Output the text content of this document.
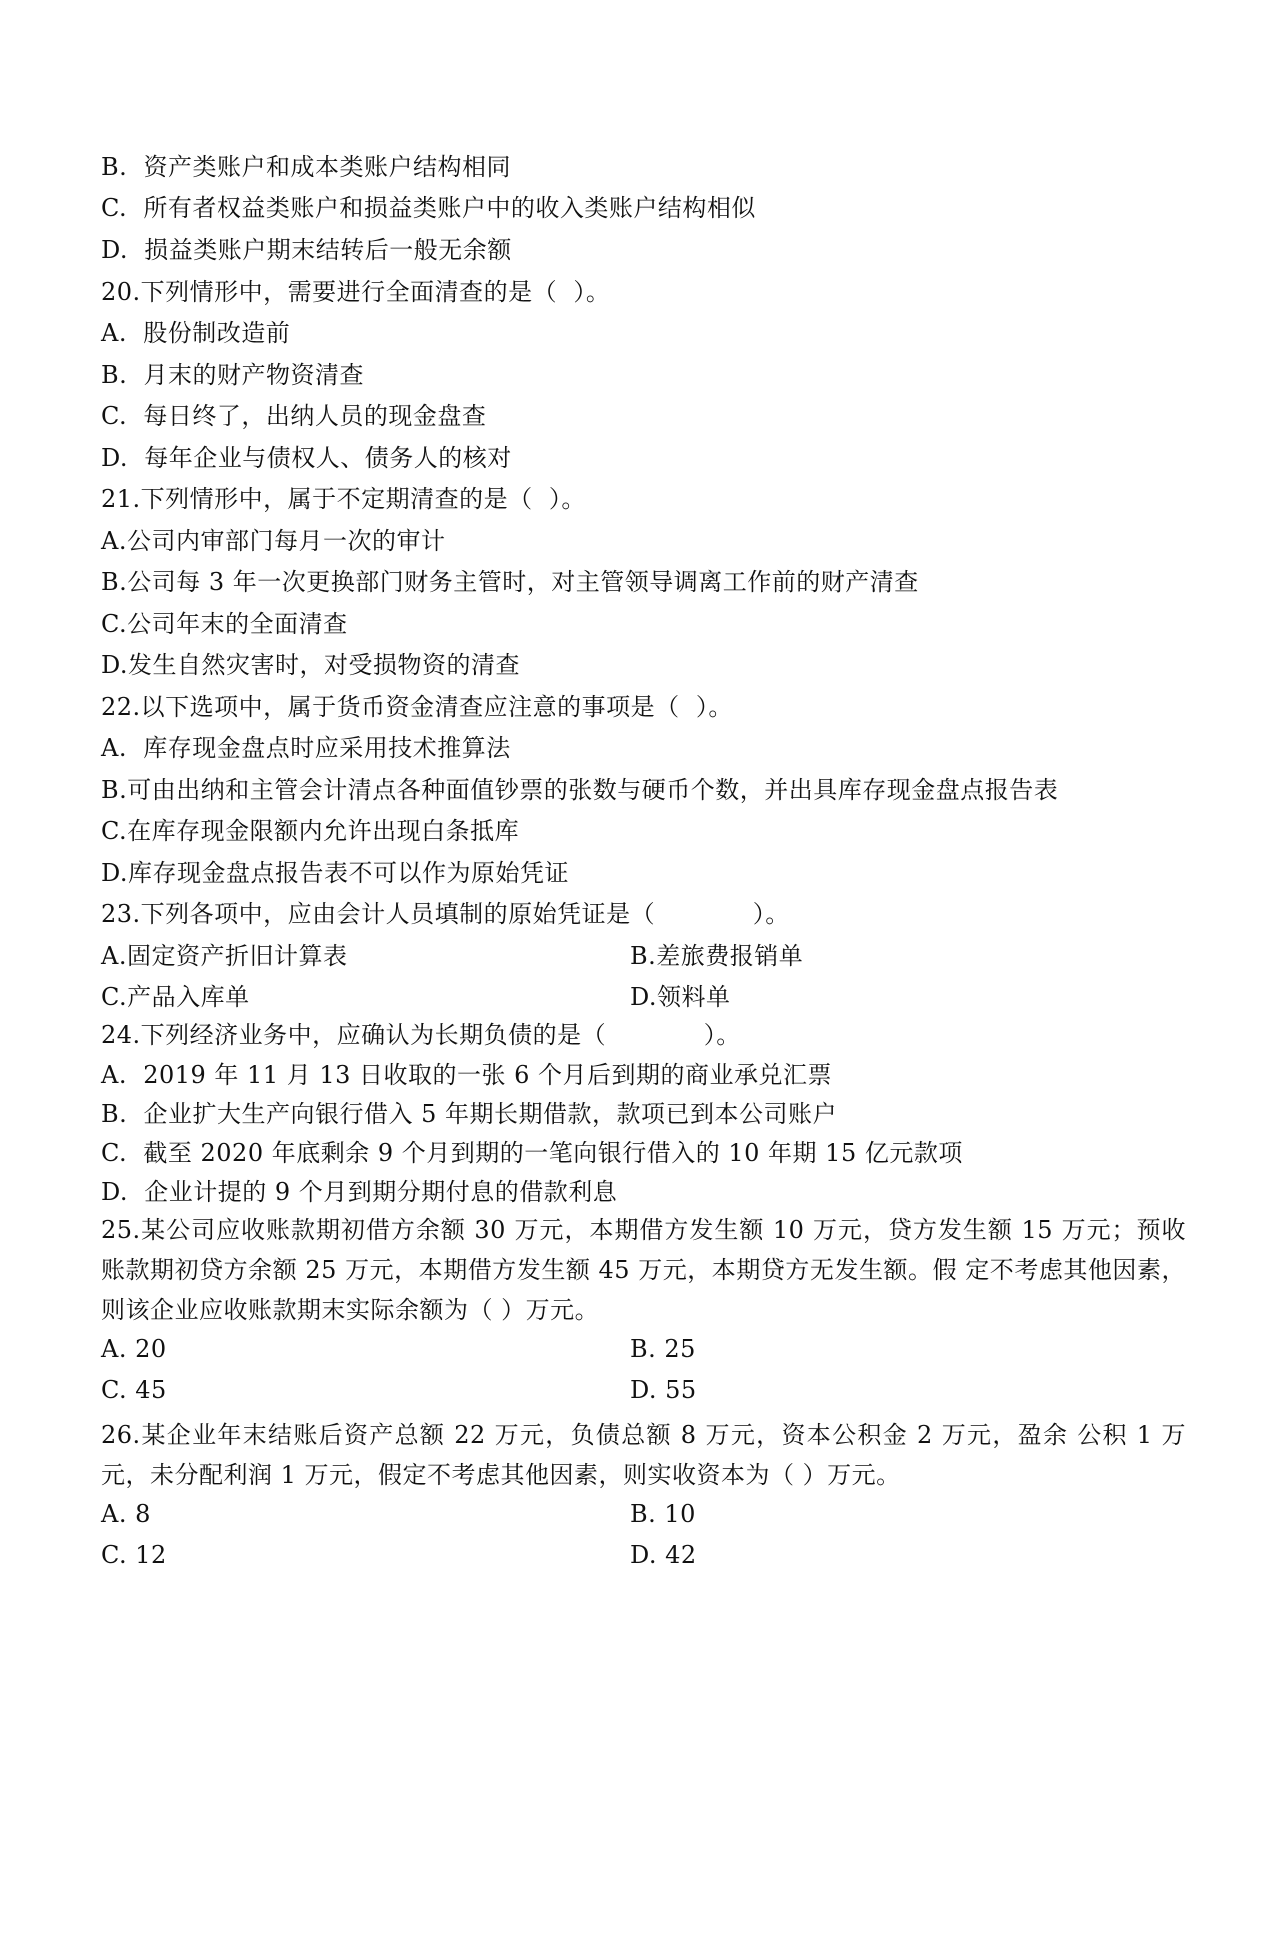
B.  资产类账户和成本类账户结构相同
C.  所有者权益类账户和损益类账户中的收入类账户结构相似
D.  损益类账户期末结转后一般无余额
20.下列情形中，需要进行全面清查的是（  ）。
A.  股份制改造前
B.  月末的财产物资清查
C.  每日终了，出纳人员的现金盘查
D.  每年企业与债权人、债务人的核对
21.下列情形中，属于不定期清查的是（  ）。
A.公司内审部门每月一次的审计
B.公司每 3 年一次更换部门财务主管时，对主管领导调离工作前的财产清查
C.公司年末的全面清查
D.发生自然灾害时，对受损物资的清查
22.以下选项中，属于货币资金清查应注意的事项是（  ）。
A.  库存现金盘点时应采用技术推算法
B.可由出纳和主管会计清点各种面值钞票的张数与硬币个数，并出具库存现金盘点报告表
C.在库存现金限额内允许出现白条抵库
D.库存现金盘点报告表不可以作为原始凭证
23.下列各项中，应由会计人员填制的原始凭证是（            ）。
A.固定资产折旧计算表	B.差旅费报销单
C.产品入库单	D.领料单
24.下列经济业务中，应确认为长期负债的是（            ）。
A.  2019 年 11 月 13 日收取的一张 6 个月后到期的商业承兑汇票
B.  企业扩大生产向银行借入 5 年期长期借款，款项已到本公司账户
C.  截至 2020 年底剩余 9 个月到期的一笔向银行借入的 10 年期 15 亿元款项
D.  企业计提的 9 个月到期分期付息的借款利息
25.某公司应收账款期初借方余额 30 万元，本期借方发生额 10 万元，贷方发生额 15 万元；预收账款期初贷方余额 25 万元，本期借方发生额 45 万元，本期贷方无发生额。假 定不考虑其他因素，则该企业应收账款期末实际余额为（ ）万元。
A. 20	B. 25
C. 45	D. 55
26.某企业年末结账后资产总额 22 万元，负债总额 8 万元，资本公积金 2 万元，盈余 公积 1 万元，未分配利润 1 万元，假定不考虑其他因素，则实收资本为（ ）万元。
A. 8	B. 10
C. 12	D. 42
